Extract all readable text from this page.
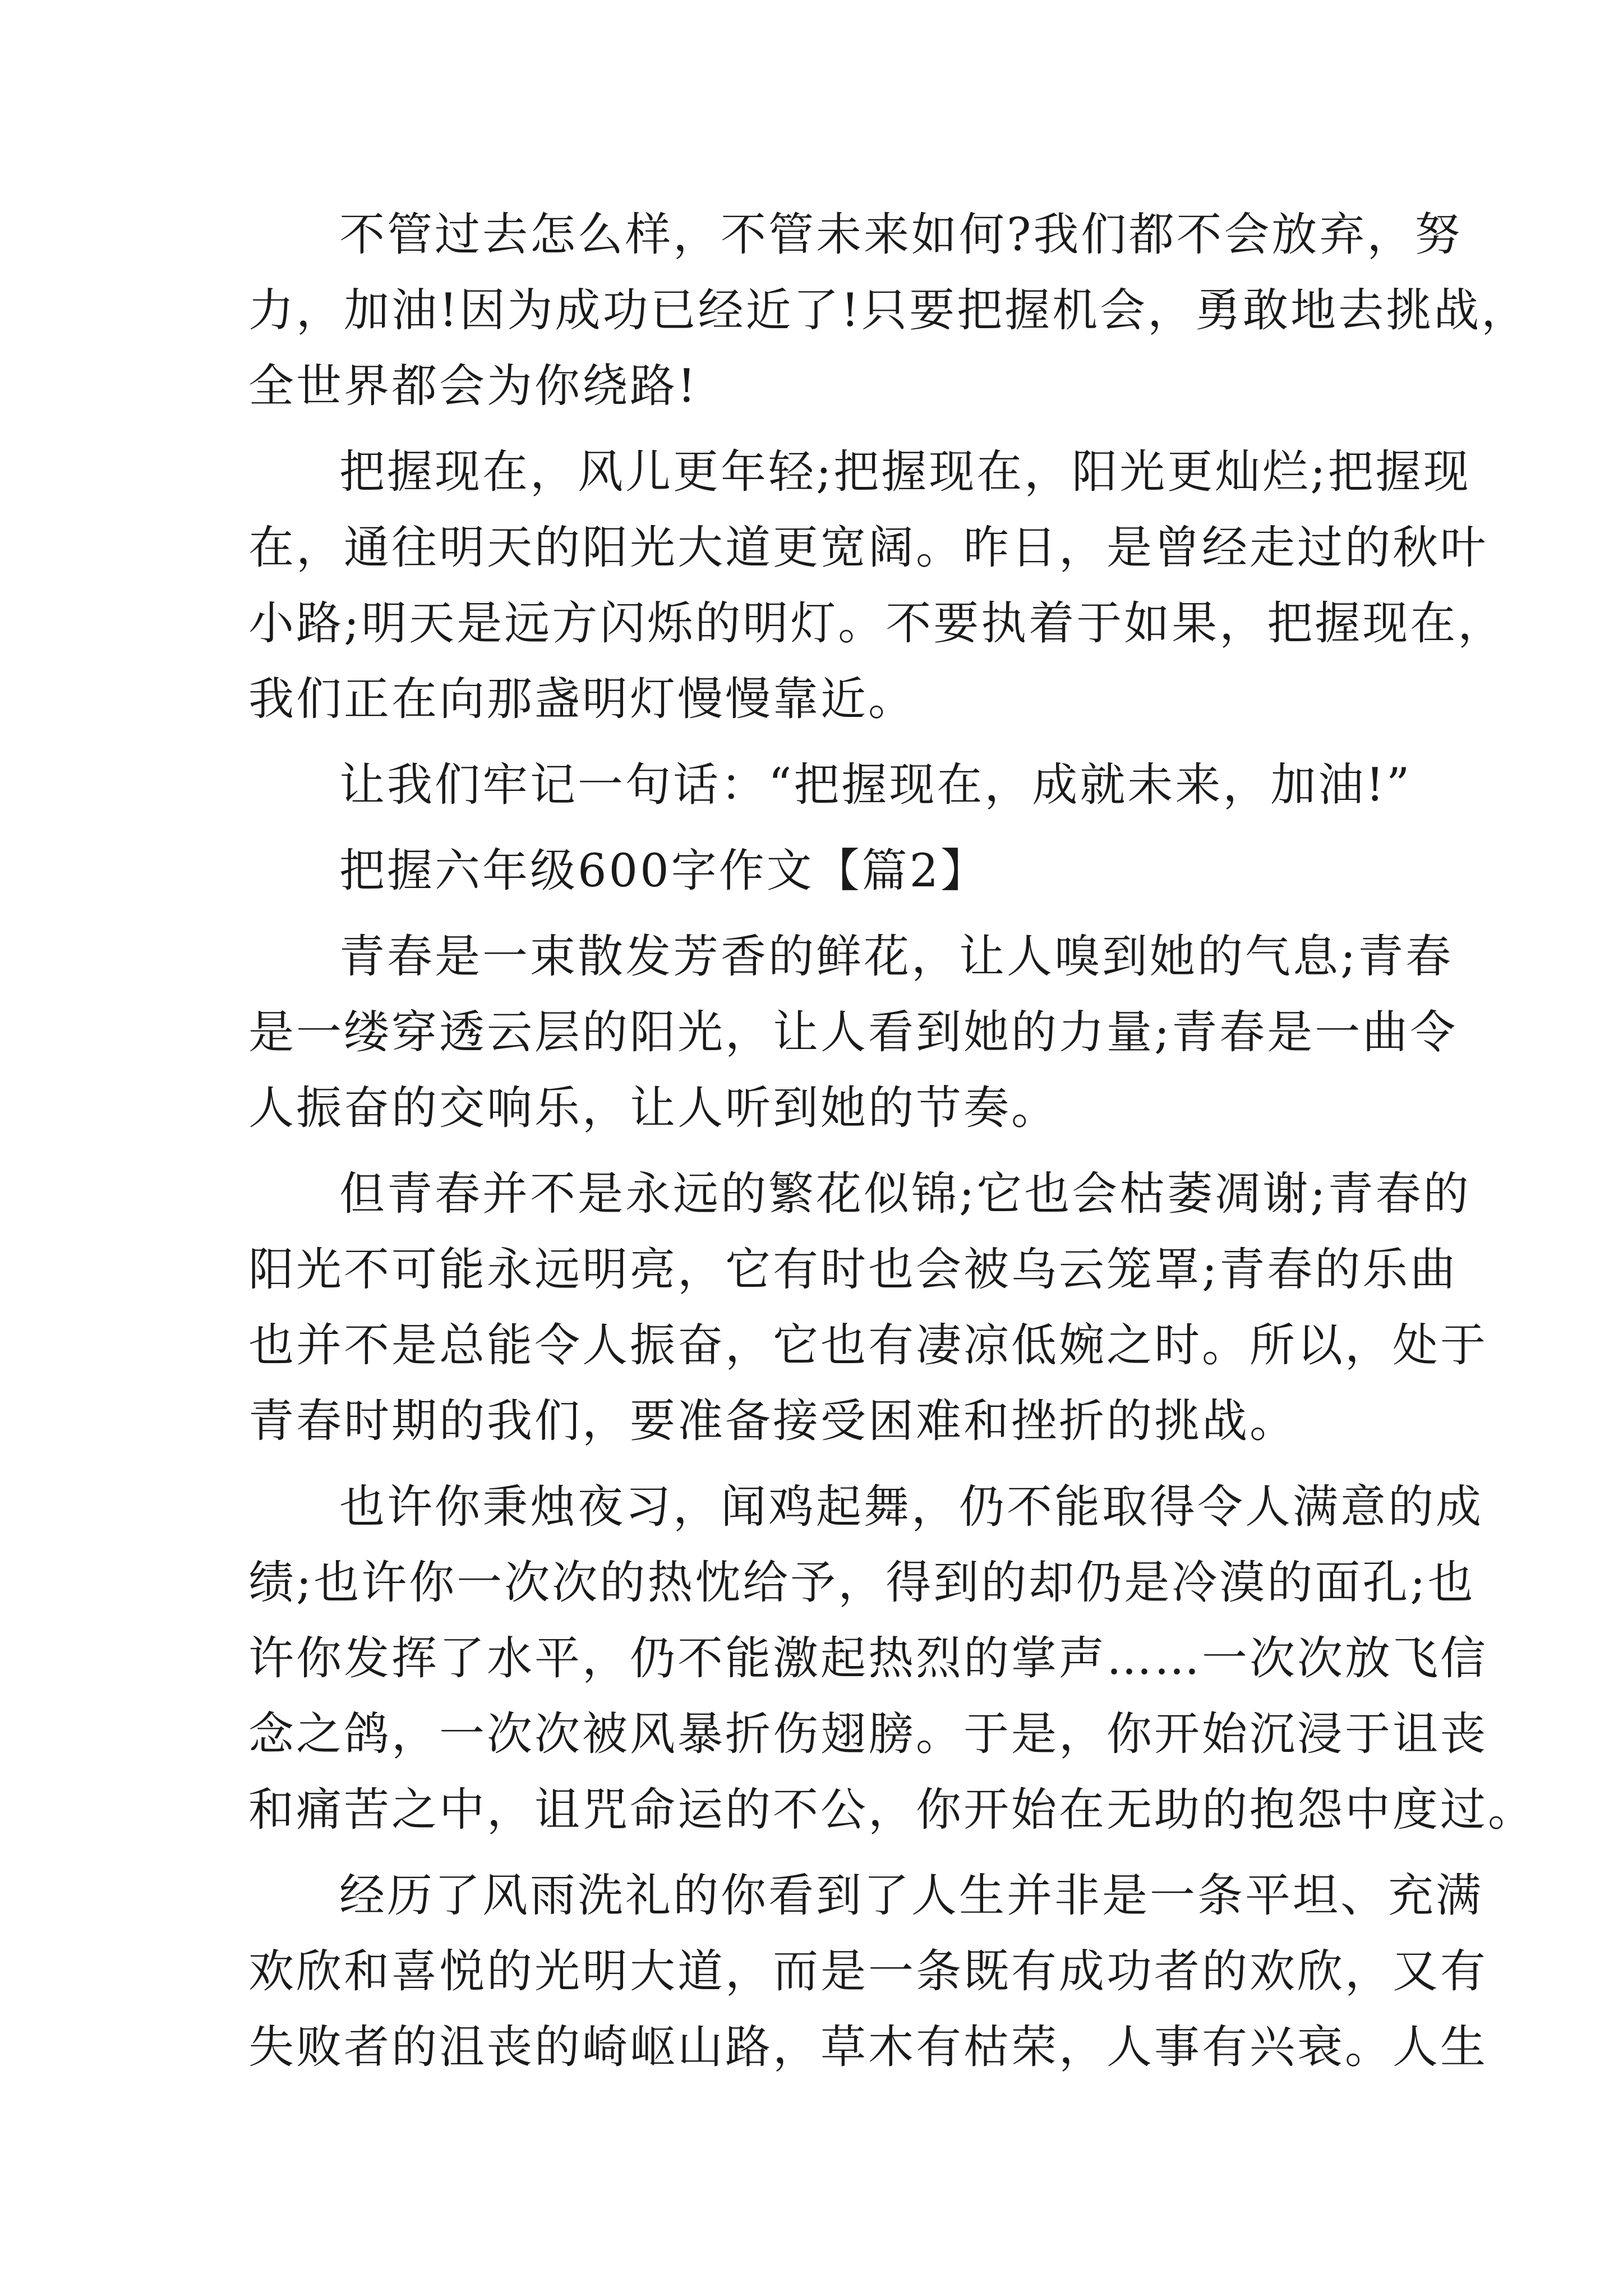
不管过去怎么样，不管未来如何?我们都不会放弃，努
力，加油!因为成功已经近了!只要把握机会，勇敢地去挑战，
全世界都会为你绕路!
把握现在，风儿更年轻;把握现在，阳光更灿烂;把握现
在，通往明天的阳光大道更宽阔。昨日，是曾经走过的秋叶
小路;明天是远方闪烁的明灯。不要执着于如果，把握现在，
我们正在向那盏明灯慢慢靠近。
让我们牢记一句话：“把握现在，成就未来，加油!”
把握六年级600字作文【篇2】
青春是一束散发芳香的鲜花，让人嗅到她的气息;青春
是一缕穿透云层的阳光，让人看到她的力量;青春是一曲令
人振奋的交响乐，让人听到她的节奏。
但青春并不是永远的繁花似锦;它也会枯萎凋谢;青春的
阳光不可能永远明亮，它有时也会被乌云笼罩;青春的乐曲
也并不是总能令人振奋，它也有凄凉低婉之时。所以，处于
青春时期的我们，要准备接受困难和挫折的挑战。
也许你秉烛夜习，闻鸡起舞，仍不能取得令人满意的成
绩;也许你一次次的热忱给予，得到的却仍是冷漠的面孔;也
许你发挥了水平，仍不能激起热烈的掌声……一次次放飞信
念之鸽，一次次被风暴折伤翅膀。于是，你开始沉浸于诅丧
和痛苦之中，诅咒命运的不公，你开始在无助的抱怨中度过。
经历了风雨洗礼的你看到了人生并非是一条平坦、充满
欢欣和喜悦的光明大道，而是一条既有成功者的欢欣，又有
失败者的沮丧的崎岖山路，草木有枯荣，人事有兴衰。人生
